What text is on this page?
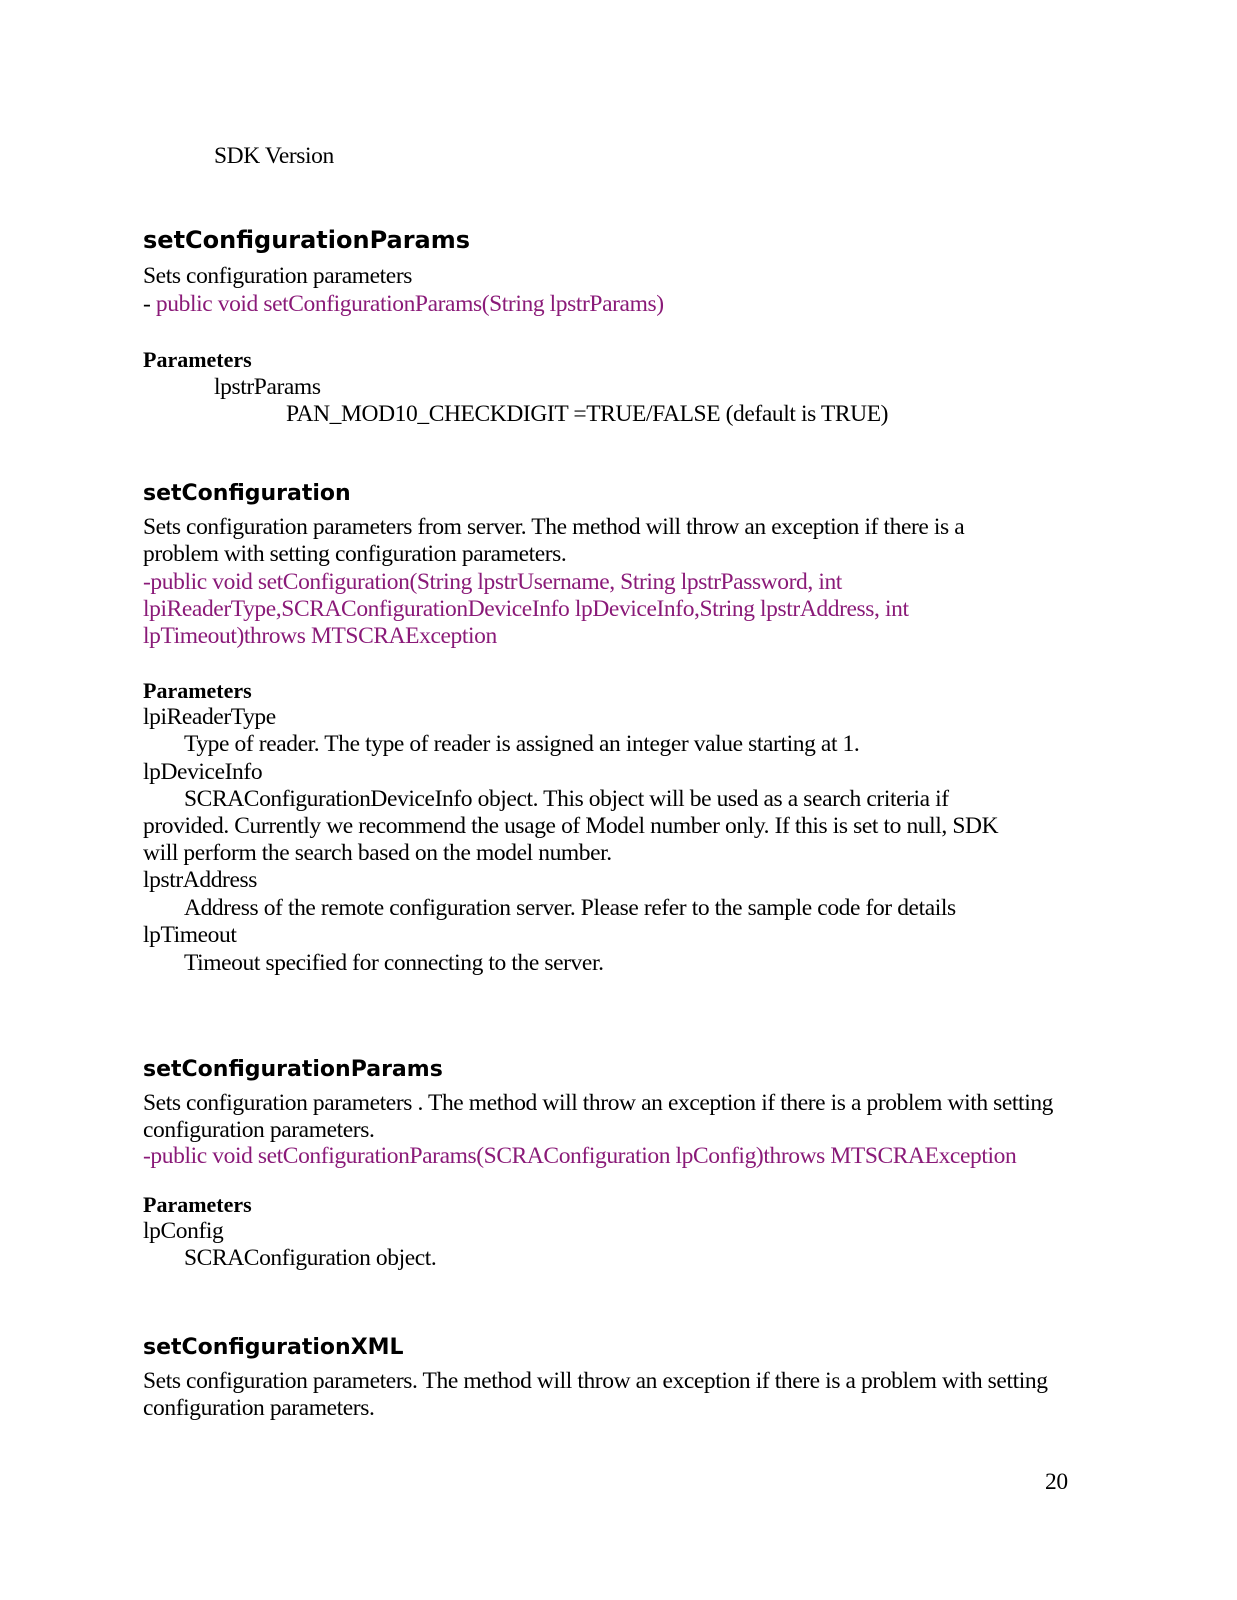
SDK Version
setConfigurationParams
Sets configuration parameters
- public void setConfigurationParams(String lpstrParams)
Parameters
lpstrParams
PAN_MOD10_CHECKDIGIT =TRUE/FALSE (default is TRUE)
setConfiguration
Sets configuration parameters from server. The method will throw an exception if there is a
problem with setting configuration parameters.
-public void setConfiguration(String lpstrUsername, String lpstrPassword, int
lpiReaderType,SCRAConfigurationDeviceInfo lpDeviceInfo,String lpstrAddress, int
lpTimeout)throws MTSCRAException
Parameters
lpiReaderType
Type of reader. The type of reader is assigned an integer value starting at 1.
lpDeviceInfo
SCRAConfigurationDeviceInfo object. This object will be used as a search criteria if
provided. Currently we recommend the usage of Model number only. If this is set to null, SDK
will perform the search based on the model number.
lpstrAddress
Address of the remote configuration server. Please refer to the sample code for details
lpTimeout
Timeout specified for connecting to the server.
setConfigurationParams
Sets configuration parameters . The method will throw an exception if there is a problem with setting
configuration parameters.
-public void setConfigurationParams(SCRAConfiguration lpConfig)throws MTSCRAException
Parameters
lpConfig
SCRAConfiguration object.
setConfigurationXML
Sets configuration parameters. The method will throw an exception if there is a problem with setting
configuration parameters.
20
